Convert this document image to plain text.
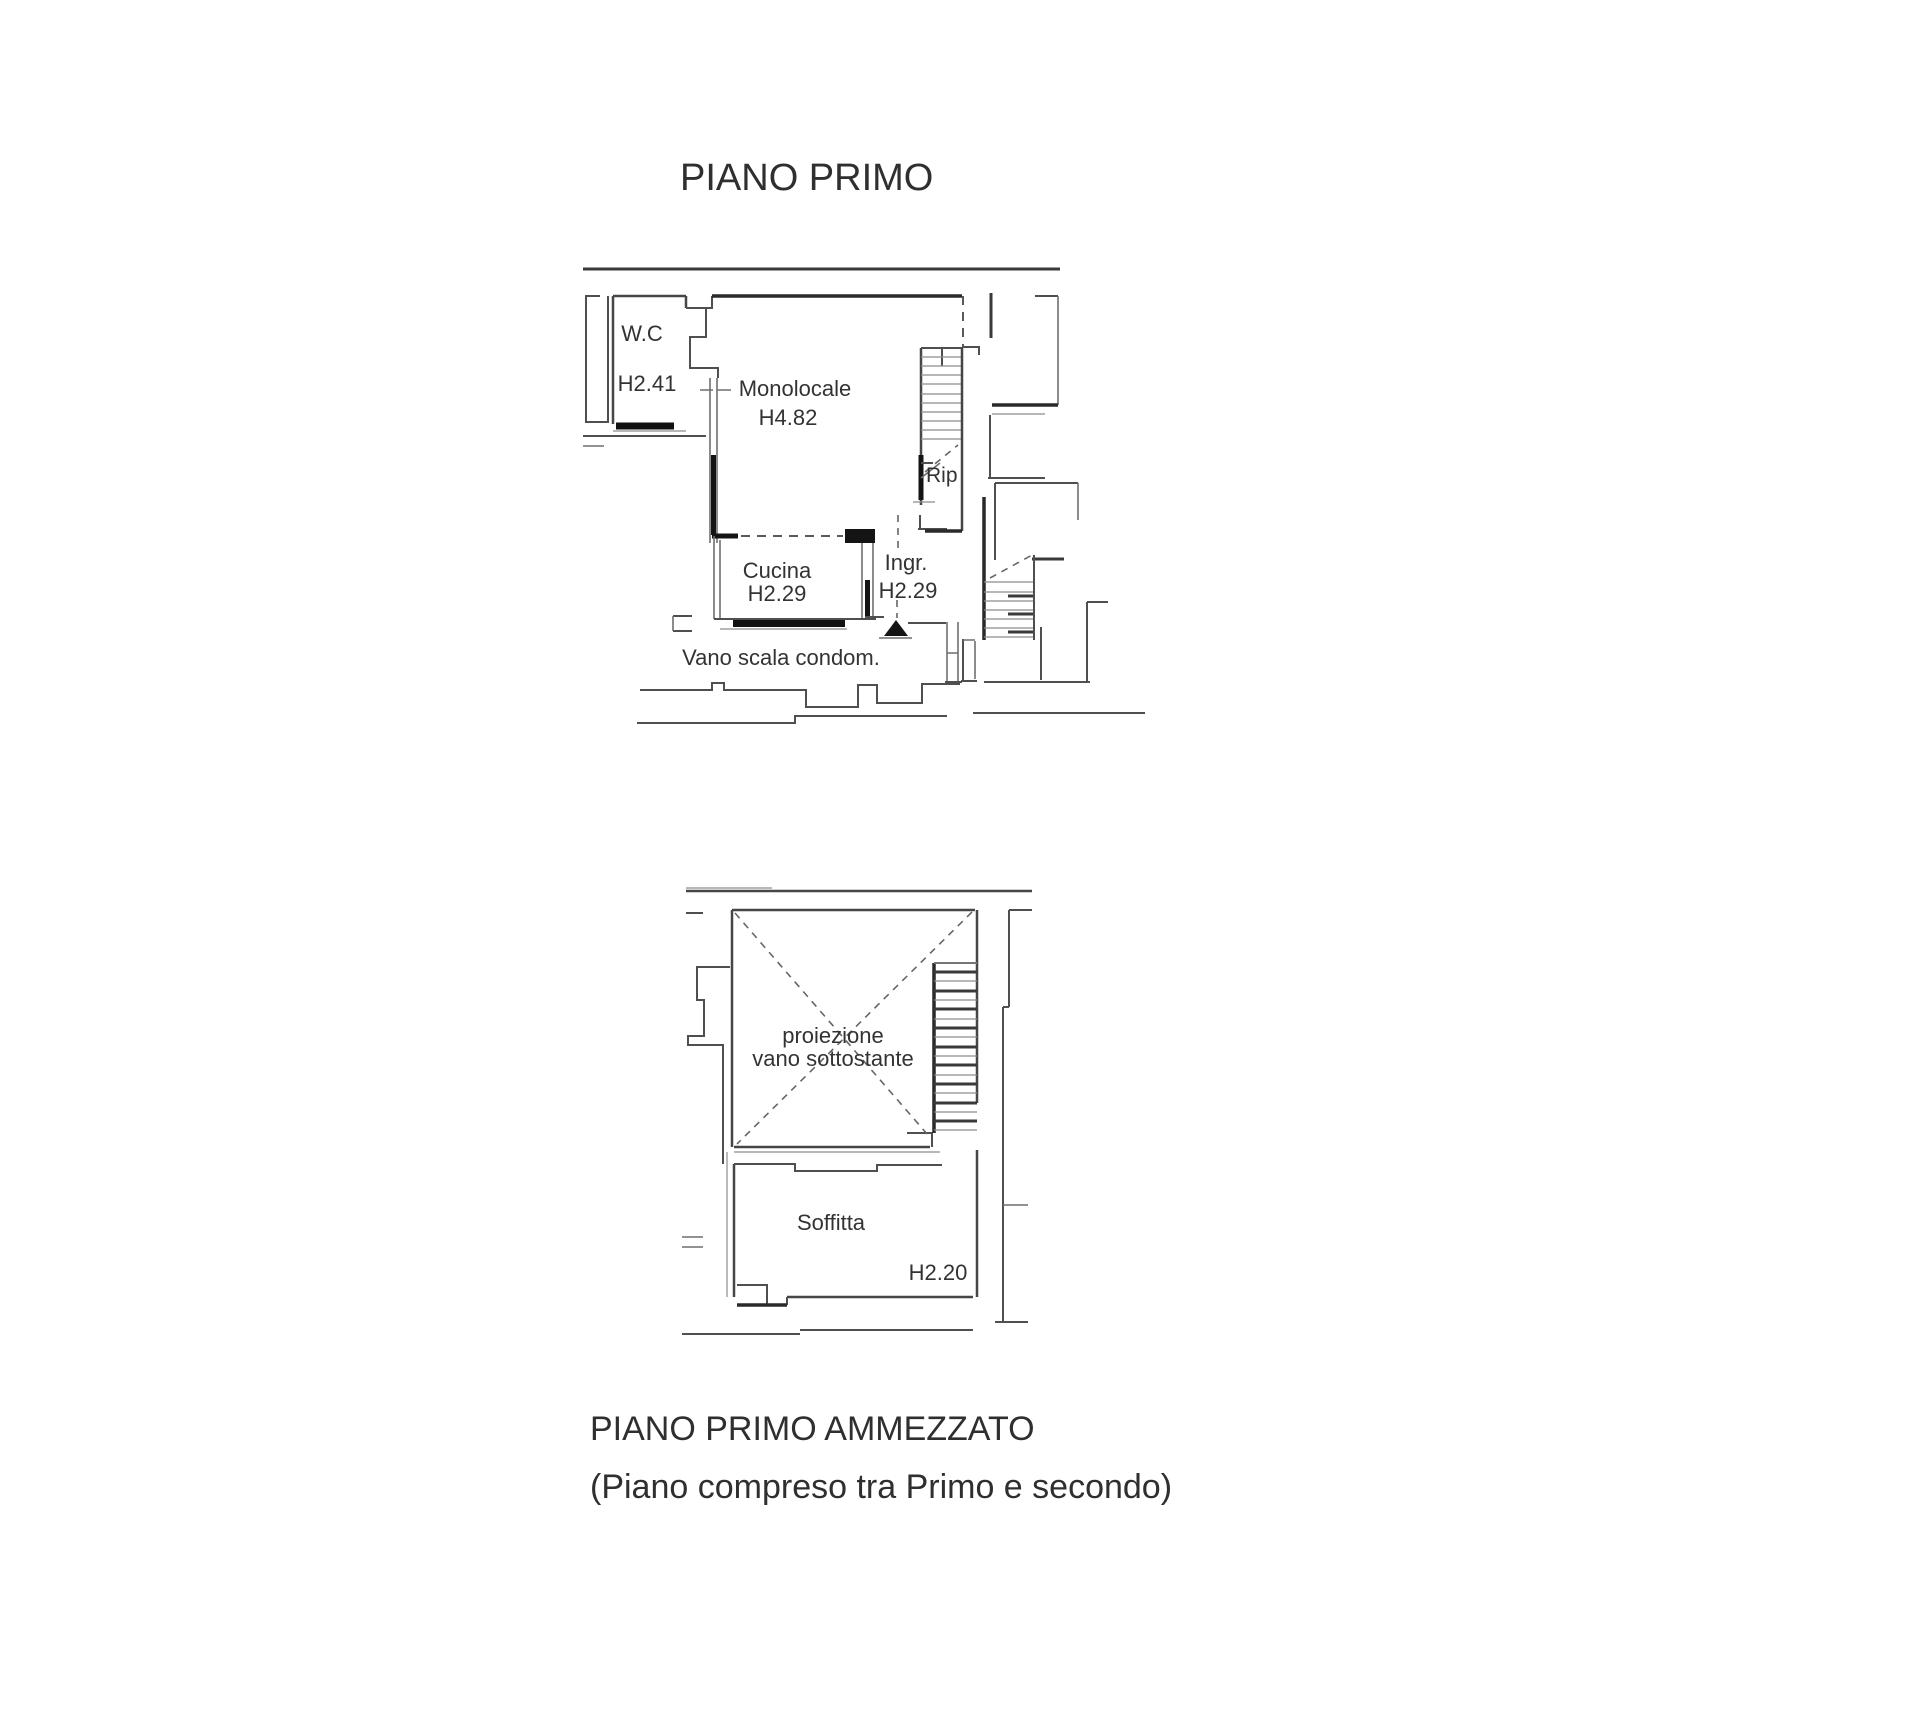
PIANO PRIMO
W.C
H2.41	Monolocale
H4.82
Rip
Cucina
H2.29
Ingr.
H2.29
Vano scala condom.
proiezione
vano sottostante
Soffitta
H2.20
PIANO PRIMO AMMEZZATO
(Piano compreso tra Primo e secondo)
